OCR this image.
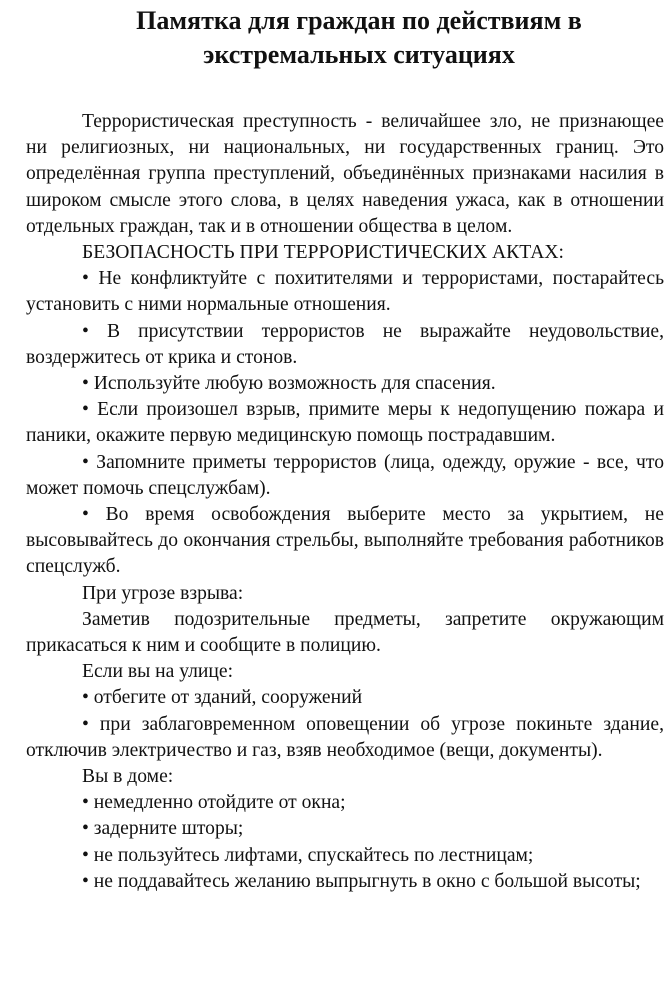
Памятка для граждан по действиям в
экстремальных ситуациях

Террористическая преступность - величайшее зло, не признающее ни религиозных, ни национальных, ни государственных границ. Это определённая группа преступлений, объединённых признаками насилия в широком смысле этого слова, в целях наведения ужаса, как в отношении отдельных граждан, так и в отношении общества в целом.

БЕЗОПАСНОСТЬ ПРИ ТЕРРОРИСТИЧЕСКИХ АКТАХ:

• Не конфликтуйте с похитителями и террористами, постарайтесь установить с ними нормальные отношения.

• В присутствии террористов не выражайте неудовольствие, воздержитесь от крика и стонов.

• Используйте любую возможность для спасения.

• Если произошел взрыв, примите меры к недопущению пожара и паники, окажите первую медицинскую помощь пострадавшим.

• Запомните приметы террористов (лица, одежду, оружие - все, что может помочь спецслужбам).

• Во время освобождения выберите место за укрытием, не высовывайтесь до окончания стрельбы, выполняйте требования работников спецслужб.

При угрозе взрыва:

Заметив подозрительные предметы, запретите окружающим прикасаться к ним и сообщите в полицию.

Если вы на улице:

• отбегите от зданий, сооружений

• при заблаговременном оповещении об угрозе покиньте здание, отключив электричество и газ, взяв необходимое (вещи, документы).

Вы в доме:

• немедленно отойдите от окна;

• задерните шторы;

• не пользуйтесь лифтами, спускайтесь по лестницам;

• не поддавайтесь желанию выпрыгнуть в окно с большой высоты;
